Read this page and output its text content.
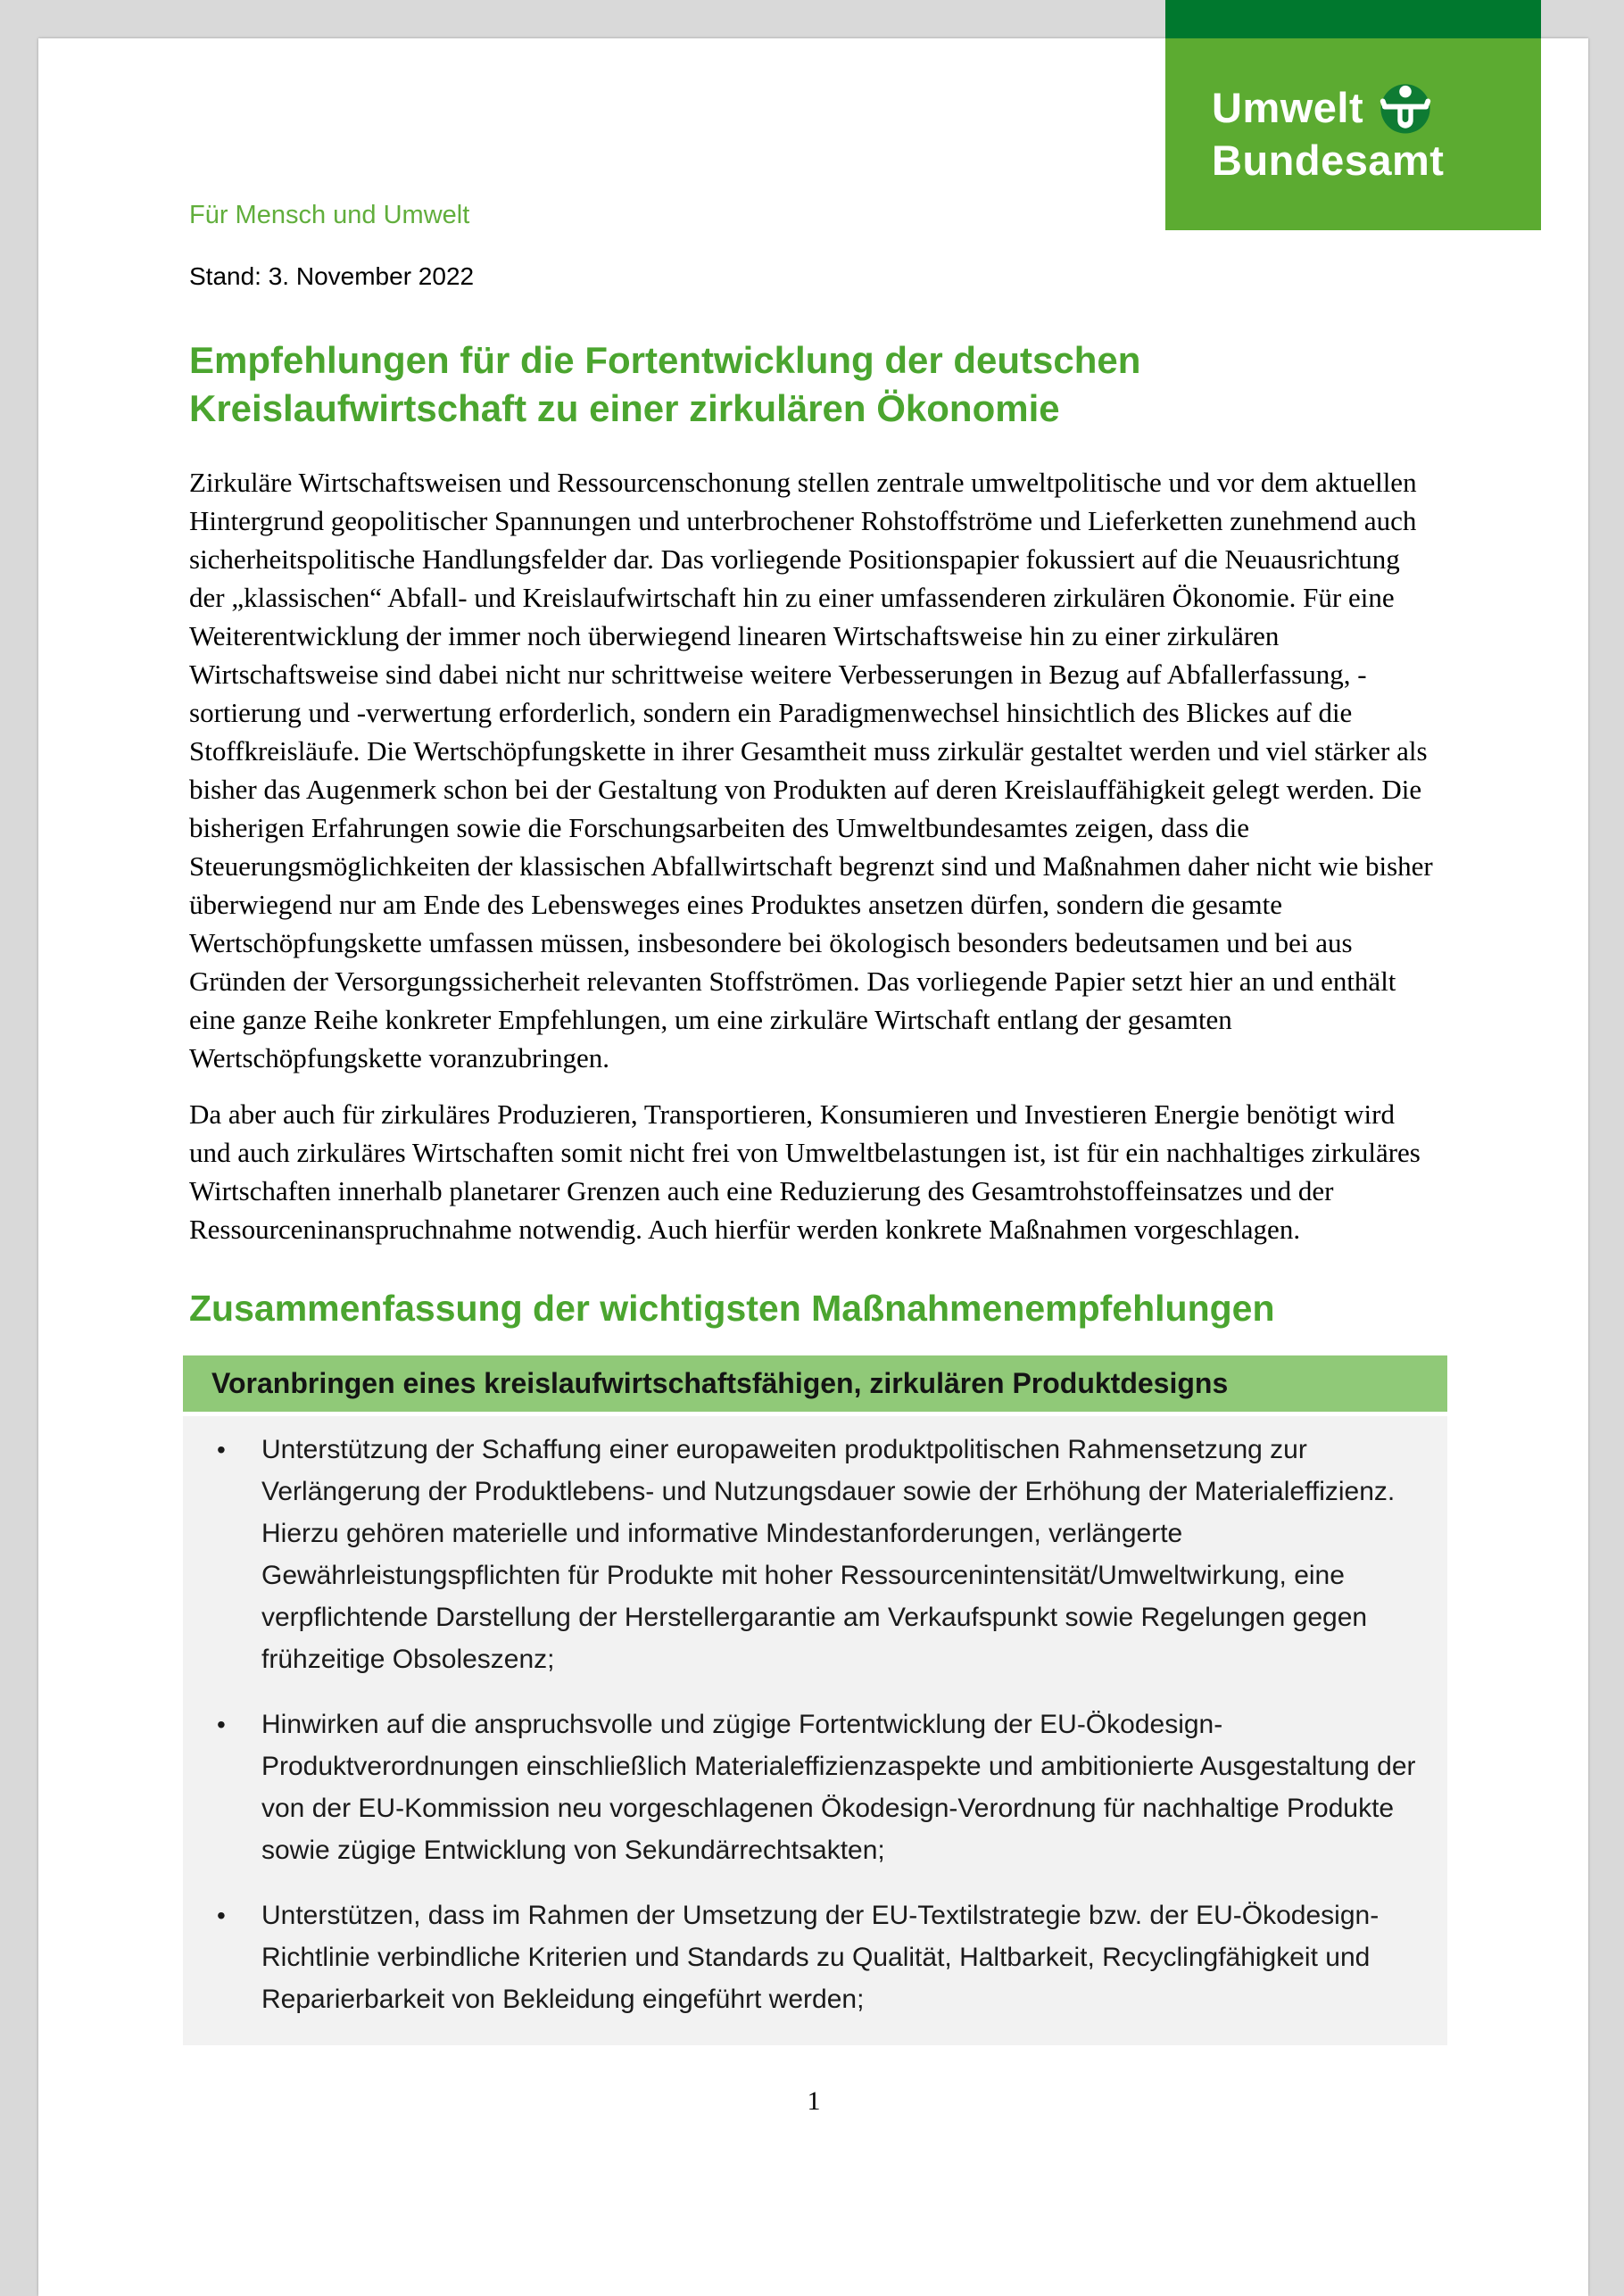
Für Mensch und Umwelt
Stand: 3. November 2022
Empfehlungen für die Fortentwicklung der deutschen Kreislaufwirtschaft zu einer zirkulären Ökonomie

Zirkuläre Wirtschaftsweisen und Ressourcenschonung stellen zentrale umweltpolitische und vor dem aktuellen Hintergrund geopolitischer Spannungen und unterbrochener Rohstoffströme und Lieferketten zunehmend auch sicherheitspolitische Handlungsfelder dar. Das vorliegende Positionspapier fokussiert auf die Neuausrichtung der „klassischen“ Abfall- und Kreislaufwirtschaft hin zu einer umfassenderen zirkulären Ökonomie. Für eine Weiterentwicklung der immer noch überwiegend linearen Wirtschaftsweise hin zu einer zirkulären Wirtschaftsweise sind dabei nicht nur schrittweise weitere Verbesserungen in Bezug auf Abfallerfassung, -sortierung und -verwertung erforderlich, sondern ein Paradigmenwechsel hinsichtlich des Blickes auf die Stoffkreisläufe. Die Wertschöpfungskette in ihrer Gesamtheit muss zirkulär gestaltet werden und viel stärker als bisher das Augenmerk schon bei der Gestaltung von Produkten auf deren Kreislauffähigkeit gelegt werden. Die bisherigen Erfahrungen sowie die Forschungsarbeiten des Umweltbundesamtes zeigen, dass die Steuerungsmöglichkeiten der klassischen Abfallwirtschaft begrenzt sind und Maßnahmen daher nicht wie bisher überwiegend nur am Ende des Lebensweges eines Produktes ansetzen dürfen, sondern die gesamte Wertschöpfungskette umfassen müssen, insbesondere bei ökologisch besonders bedeutsamen und bei aus Gründen der Versorgungssicherheit relevanten Stoffströmen. Das vorliegende Papier setzt hier an und enthält eine ganze Reihe konkreter Empfehlungen, um eine zirkuläre Wirtschaft entlang der gesamten Wertschöpfungskette voranzubringen.

Da aber auch für zirkuläres Produzieren, Transportieren, Konsumieren und Investieren Energie benötigt wird und auch zirkuläres Wirtschaften somit nicht frei von Umweltbelastungen ist, ist für ein nachhaltiges zirkuläres Wirtschaften innerhalb planetarer Grenzen auch eine Reduzierung des Gesamtrohstoffeinsatzes und der Ressourceninanspruchnahme notwendig. Auch hierfür werden konkrete Maßnahmen vorgeschlagen.

Zusammenfassung der wichtigsten Maßnahmenempfehlungen
Voranbringen eines kreislaufwirtschaftsfähigen, zirkulären Produktdesigns
•	Unterstützung der Schaffung einer europaweiten produktpolitischen Rahmensetzung zur Verlängerung der Produktlebens- und Nutzungsdauer sowie der Erhöhung der Materialeffizienz. Hierzu gehören materielle und informative Mindestanforderungen, verlängerte Gewährleistungspflichten für Produkte mit hoher Ressourcenintensität/Umweltwirkung, eine verpflichtende Darstellung der Herstellergarantie am Verkaufspunkt sowie Regelungen gegen frühzeitige Obsoleszenz;
•	Hinwirken auf die anspruchsvolle und zügige Fortentwicklung der EU-Ökodesign-Produktverordnungen einschließlich Materialeffizienzaspekte und ambitionierte Ausgestaltung der von der EU-Kommission neu vorgeschlagenen Ökodesign-Verordnung für nachhaltige Produkte sowie zügige Entwicklung von Sekundärrechtsakten;
•	Unterstützen, dass im Rahmen der Umsetzung der EU-Textilstrategie bzw. der EU-Ökodesign-Richtlinie verbindliche Kriterien und Standards zu Qualität, Haltbarkeit, Recyclingfähigkeit und Reparierbarkeit von Bekleidung eingeführt werden;
1
Umwelt
Bundesamt
